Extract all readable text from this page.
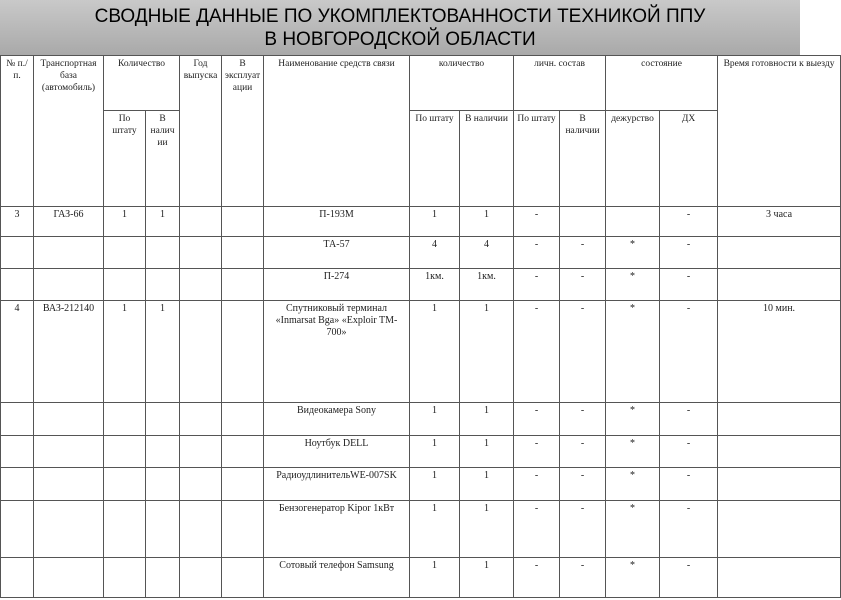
СВОДНЫЕ ДАННЫЕ ПО УКОМПЛЕКТОВАННОСТИ ТЕХНИКОЙ ППУ
В НОВГОРОДСКОЙ ОБЛАСТИ
№ п./п.	Транспортная база (автомобиль)	Количество		Год выпуска	В эксплуатации	Наименование средств связи	количество		личн. состав		состояние		Время готовности к выезду
		По штату	В наличии				По штату	В наличии	По штату	В наличии	дежурство	ДХ	
3	ГАЗ-66	1	1			П-193М	1	1	-			-	3 часа
						ТА-57	4	4	-	-	*	-	
						П-274	1км.	1км.	-	-	*	-	
4	ВАЗ-212140	1	1			Спутниковый терминал «Inmarsat Bga» «Exploir TM-700»	1	1	-	-	*	-	10 мин.
						Видеокамера Sony	1	1	-	-	*	-	
						Ноутбук DELL	1	1	-	-	*	-	
						РадиоудлинительWE-007SK	1	1	-	-	*	-	
						Бензогенератор Kipor 1кВт	1	1	-	-	*	-	
						Сотовый телефон Samsung	1	1	-	-	*	-	
